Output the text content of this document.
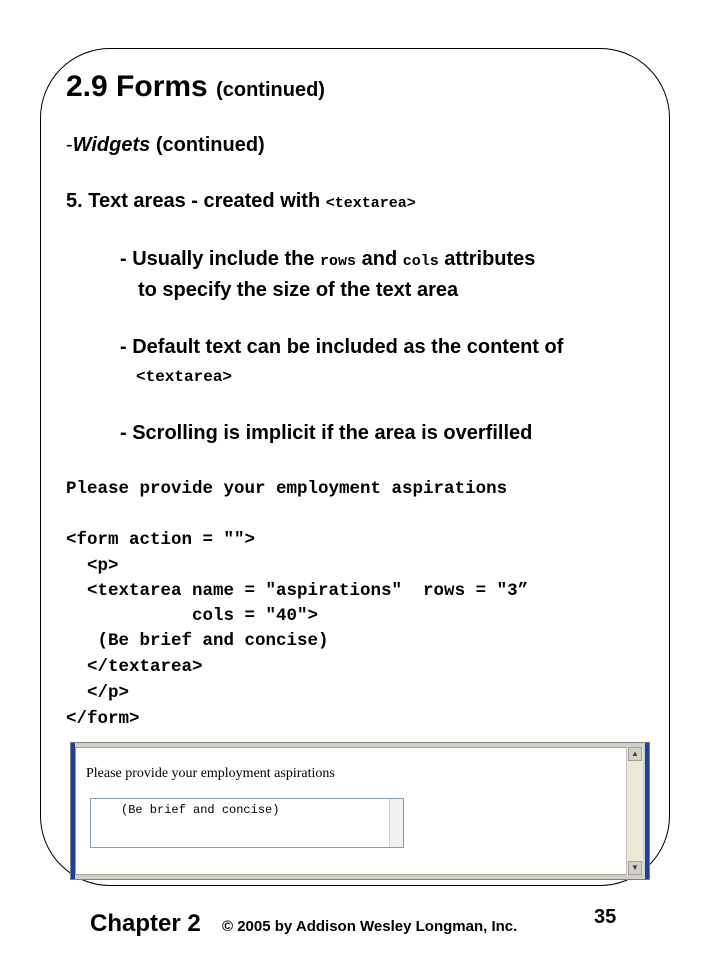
2.9 Forms (continued)
-Widgets (continued)
5. Text areas - created with <textarea>
- Usually include the rows and cols attributes
to specify the size of the text area
- Default text can be included as the content of
<textarea>
- Scrolling is implicit if the area is overfilled
Please provide your employment aspirations
<form action = "">
<p>
<textarea name = "aspirations"  rows = "3”
cols = "40">
(Be brief and concise)
</textarea>
</p>
</form>
Please provide your employment aspirations
(Be brief and concise)
▲
▼
Chapter 2 © 2005 by Addison Wesley Longman, Inc.	35
